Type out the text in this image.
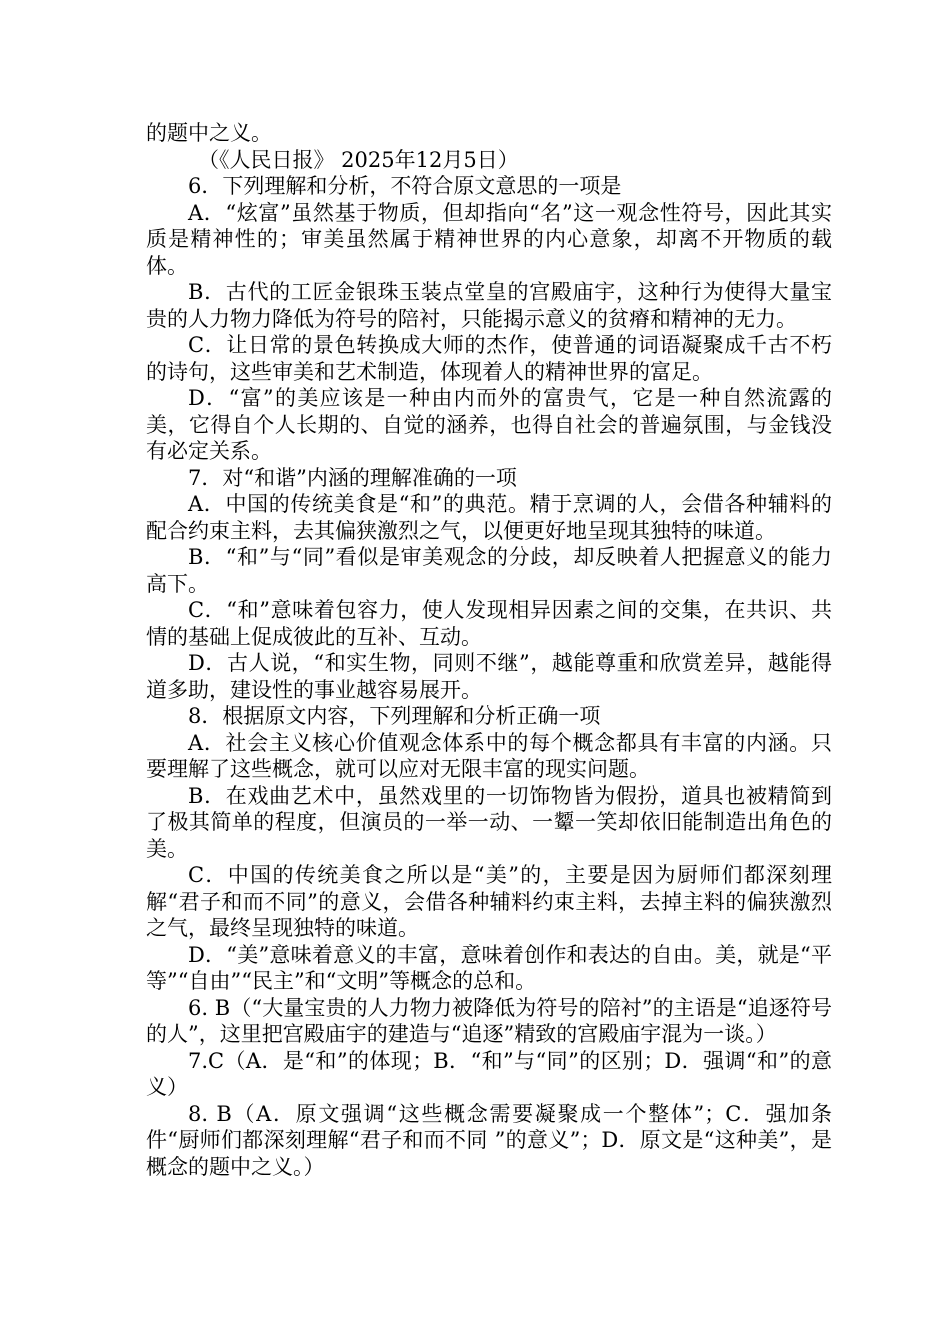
的题中之义。

（《人民日报》 2025年12月5日）

6．下列理解和分析，不符合原文意思的一项是

A．“炫富”虽然基于物质，但却指向“名”这一观念性符号，因此其实质是精神性的；审美虽然属于精神世界的内心意象，却离不开物质的载体。

B．古代的工匠金银珠玉装点堂皇的宫殿庙宇，这种行为使得大量宝贵的人力物力降低为符号的陪衬，只能揭示意义的贫瘠和精神的无力。

C．让日常的景色转换成大师的杰作，使普通的词语凝聚成千古不朽的诗句，这些审美和艺术制造，体现着人的精神世界的富足。

D．“富”的美应该是一种由内而外的富贵气，它是一种自然流露的美，它得自个人长期的、自觉的涵养，也得自社会的普遍氛围，与金钱没有必定关系。

7．对“和谐”内涵的理解准确的一项

A．中国的传统美食是“和”的典范。精于烹调的人，会借各种辅料的配合约束主料，去其偏狭激烈之气，以便更好地呈现其独特的味道。

B．“和”与“同”看似是审美观念的分歧，却反映着人把握意义的能力高下。

C．“和”意味着包容力，使人发现相异因素之间的交集，在共识、共情的基础上促成彼此的互补、互动。

D．古人说，“和实生物，同则不继”，越能尊重和欣赏差异，越能得道多助，建设性的事业越容易展开。

8．根据原文内容，下列理解和分析正确一项

A．社会主义核心价值观念体系中的每个概念都具有丰富的内涵。只要理解了这些概念，就可以应对无限丰富的现实问题。

B．在戏曲艺术中，虽然戏里的一切饰物皆为假扮，道具也被精简到了极其简单的程度，但演员的一举一动、一颦一笑却依旧能制造出角色的美。

C．中国的传统美食之所以是“美”的，主要是因为厨师们都深刻理解“君子和而不同”的意义，会借各种辅料约束主料，去掉主料的偏狭激烈之气，最终呈现独特的味道。

D．“美”意味着意义的丰富，意味着创作和表达的自由。美，就是“平等”“自由”“民主”和“文明”等概念的总和。

6. B（“大量宝贵的人力物力被降低为符号的陪衬”的主语是“追逐符号的人”，这里把宫殿庙宇的建造与“追逐”精致的宫殿庙宇混为一谈。）

7.C（A．是“和”的体现；B．“和”与“同”的区别；D．强调“和”的意义）

8. B（A．原文强调“这些概念需要凝聚成一个整体”；C．强加条件“厨师们都深刻理解“君子和而不同 ”的意义”；D．原文是“这种美”，是概念的题中之义。）
